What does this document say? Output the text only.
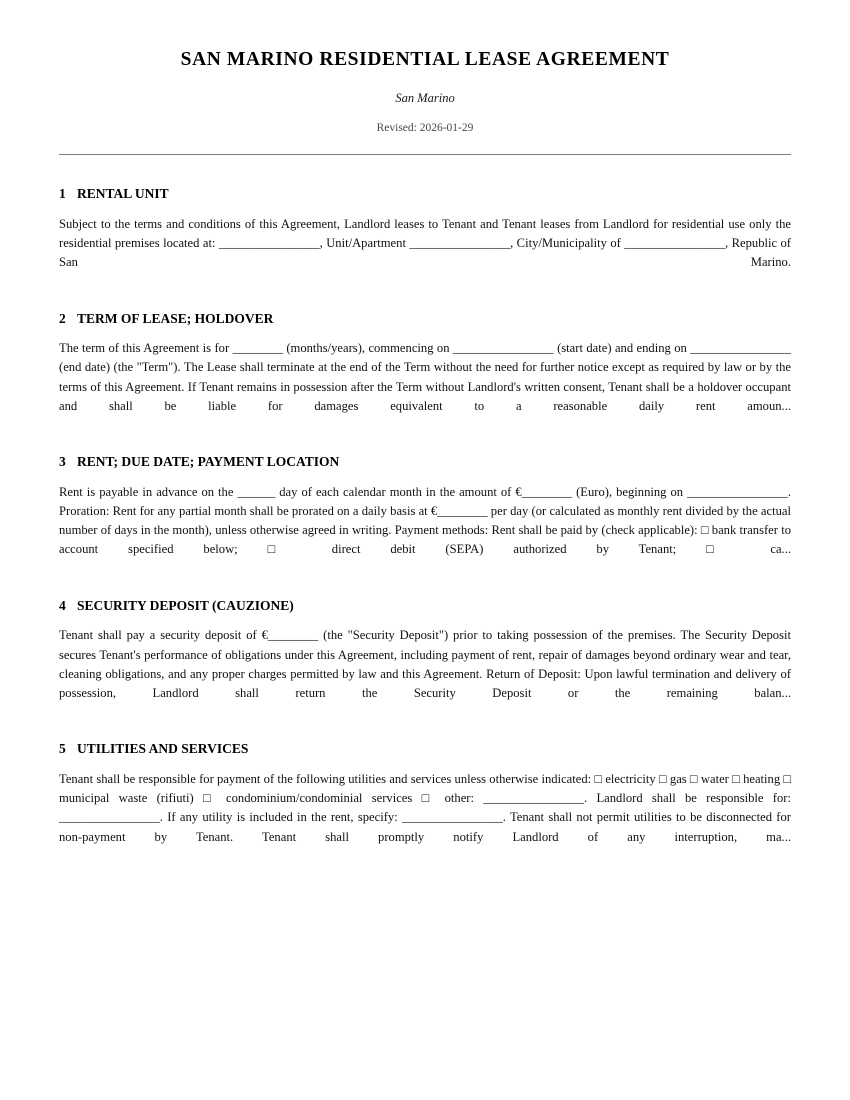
SAN MARINO RESIDENTIAL LEASE AGREEMENT

San Marino

Revised: 2026-01-29

1 RENTAL UNIT

Subject to the terms and conditions of this Agreement, Landlord leases to Tenant and Tenant leases from Landlord for residential use only the residential premises located at: ________________, Unit/Apartment ________________, City/Municipality of ________________, Republic of San Marino.

2 TERM OF LEASE; HOLDOVER

The term of this Agreement is for ________ (months/years), commencing on ________________ (start date) and ending on ________________ (end date) (the "Term"). The Lease shall terminate at the end of the Term without the need for further notice except as required by law or by the terms of this Agreement. If Tenant remains in possession after the Term without Landlord's written consent, Tenant shall be a holdover occupant and shall be liable for damages equivalent to a reasonable daily rent amoun...

3 RENT; DUE DATE; PAYMENT LOCATION

Rent is payable in advance on the ______ day of each calendar month in the amount of €________ (Euro), beginning on ________________. Proration: Rent for any partial month shall be prorated on a daily basis at €________ per day (or calculated as monthly rent divided by the actual number of days in the month), unless otherwise agreed in writing. Payment methods: Rent shall be paid by (check applicable): □ bank transfer to account specified below; □ direct debit (SEPA) authorized by Tenant; □ ca...

4 SECURITY DEPOSIT (CAUZIONE)

Tenant shall pay a security deposit of €________ (the "Security Deposit") prior to taking possession of the premises. The Security Deposit secures Tenant's performance of obligations under this Agreement, including payment of rent, repair of damages beyond ordinary wear and tear, cleaning obligations, and any proper charges permitted by law and this Agreement. Return of Deposit: Upon lawful termination and delivery of possession, Landlord shall return the Security Deposit or the remaining balan...

5 UTILITIES AND SERVICES

Tenant shall be responsible for payment of the following utilities and services unless otherwise indicated: □ electricity □ gas □ water □ heating □ municipal waste (rifiuti) □ condominium/condominial services □ other: ________________. Landlord shall be responsible for: ________________. If any utility is included in the rent, specify: ________________. Tenant shall not permit utilities to be disconnected for non-payment by Tenant. Tenant shall promptly notify Landlord of any interruption, ma...
